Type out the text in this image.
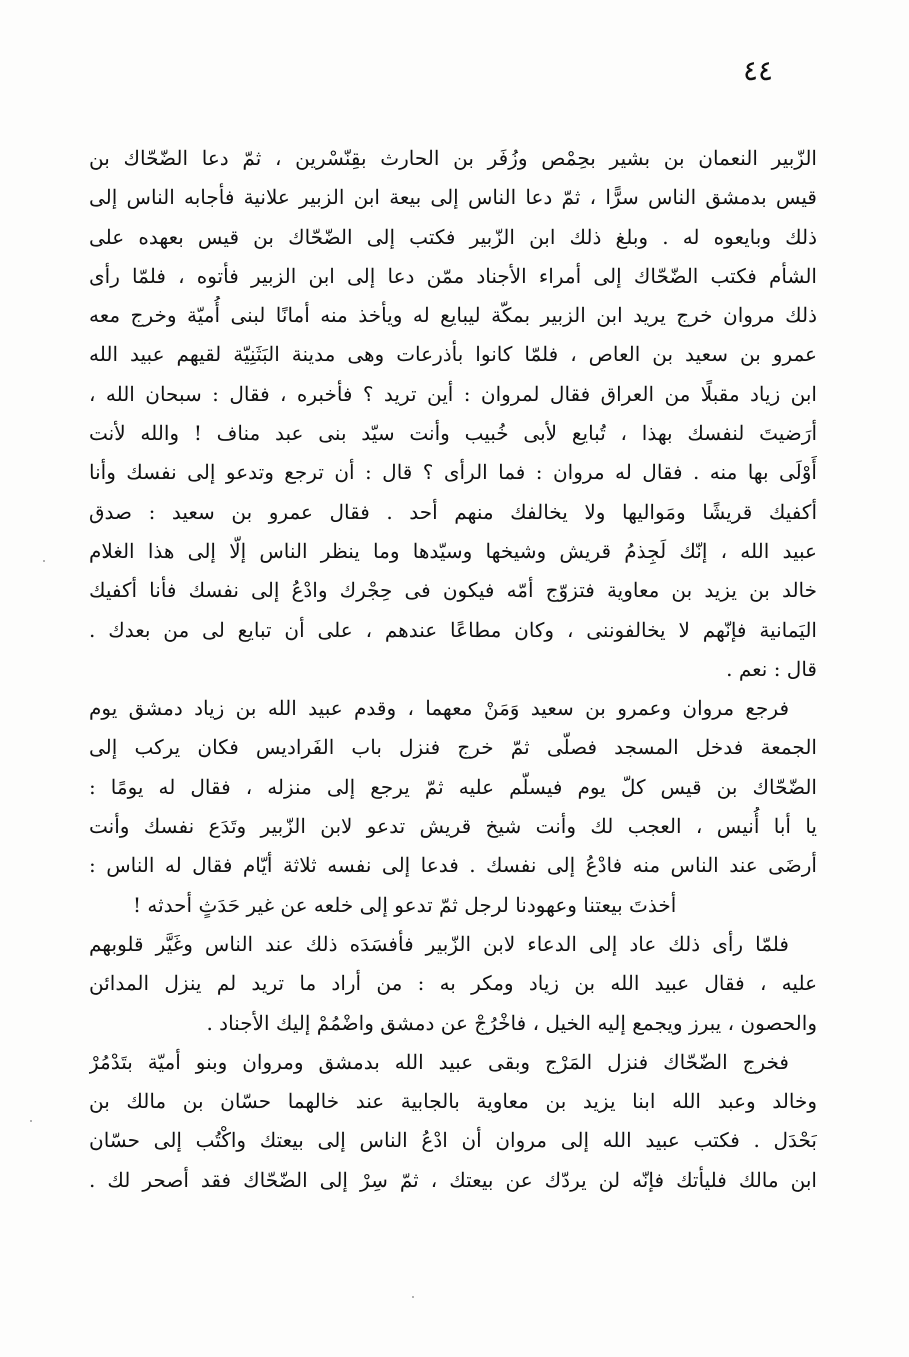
٤٤
الزّبير النعمان بن بشير بحِمْص وزُفَر بن الحارث بقِنّسْرين ، ثمّ دعا الضّحّاك بن
قيس بدمشق الناس سرًّا ، ثمّ دعا الناس إلى بيعة ابن الزبير علانية فأجابه الناس إلى
ذلك وبايعوه له . وبلغ ذلك ابن الزّبير فكتب إلى الضّحّاك بن قيس بعهده على
الشأم فكتب الضّحّاك إلى أمراء الأجناد ممّن دعا إلى ابن الزبير فأتوه ، فلمّا رأى
ذلك مروان خرج يريد ابن الزبير بمكّة ليبايع له ويأخذ منه أمانًا لبنى أُميّة وخرج معه
عمرو بن سعيد بن العاص ، فلمّا كانوا بأذرعات وهى مدينة البَثَنِيّة لقيهم عبيد الله
ابن زياد مقبلًا من العراق فقال لمروان : أين تريد ؟ فأخبره ، فقال : سبحان الله ،
أرَضيتَ لنفسك بهذا ، تُبايع لأبى خُبيب وأنت سيّد بنى عبد مناف ! والله لأنت
أَوْلَى بها منه . فقال له مروان : فما الرأى ؟ قال : أن ترجع وتدعو إلى نفسك وأنا
أكفيك قريشًا ومَواليها ولا يخالفك منهم أحد . فقال عمرو بن سعيد : صدق
عبيد الله ، إنّك لَجِذمُ قريش وشيخها وسيّدها وما ينظر الناس إلّا إلى هذا الغلام
خالد بن يزيد بن معاوية فتزوّج أمّه فيكون فى حِجْرك وادْعُ إلى نفسك فأنا أكفيك
اليَمانية فإنّهم لا يخالفوننى ، وكان مطاعًا عندهم ، على أن تبايع لى من بعدك .
قال : نعم .
فرجع مروان وعمرو بن سعيد وَمَنْ معهما ، وقدم عبيد الله بن زياد دمشق يوم
الجمعة فدخل المسجد فصلّى ثمّ خرج فنزل باب الفَراديس فكان يركب إلى
الضّحّاك بن قيس كلّ يوم فيسلّم عليه ثمّ يرجع إلى منزله ، فقال له يومًا :
يا أبا أُنيس ، العجب لك وأنت شيخ قريش تدعو لابن الزّبير وتَدَع نفسك وأنت
أرضَى عند الناس منه فادْعُ إلى نفسك . فدعا إلى نفسه ثلاثة أيّام فقال له الناس :
أخذتَ بيعتنا وعهودنا لرجل ثمّ تدعو إلى خلعه عن غير حَدَثٍ أحدثه !
فلمّا رأى ذلك عاد إلى الدعاء لابن الزّبير فأفسَدَه ذلك عند الناس وغَيَّر قلوبهم
عليه ، فقال عبيد الله بن زياد ومكر به : من أراد ما تريد لم ينزل المدائن
والحصون ، يبرز ويجمع إليه الخيل ، فاخْرُجْ عن دمشق واضْمُمْ إليك الأجناد .
فخرج الضّحّاك فنزل المَرْج وبقى عبيد الله بدمشق ومروان وبنو أميّة بتَدْمُرْ
وخالد وعبد الله ابنا يزيد بن معاوية بالجابية عند خالهما حسّان بن مالك بن
بَحْدَل . فكتب عبيد الله إلى مروان أن ادْعُ الناس إلى بيعتك واكْتُب إلى حسّان
ابن مالك فليأتك فإنّه لن يردّك عن بيعتك ، ثمّ سِرْ إلى الضّحّاك فقد أصحر لك .
